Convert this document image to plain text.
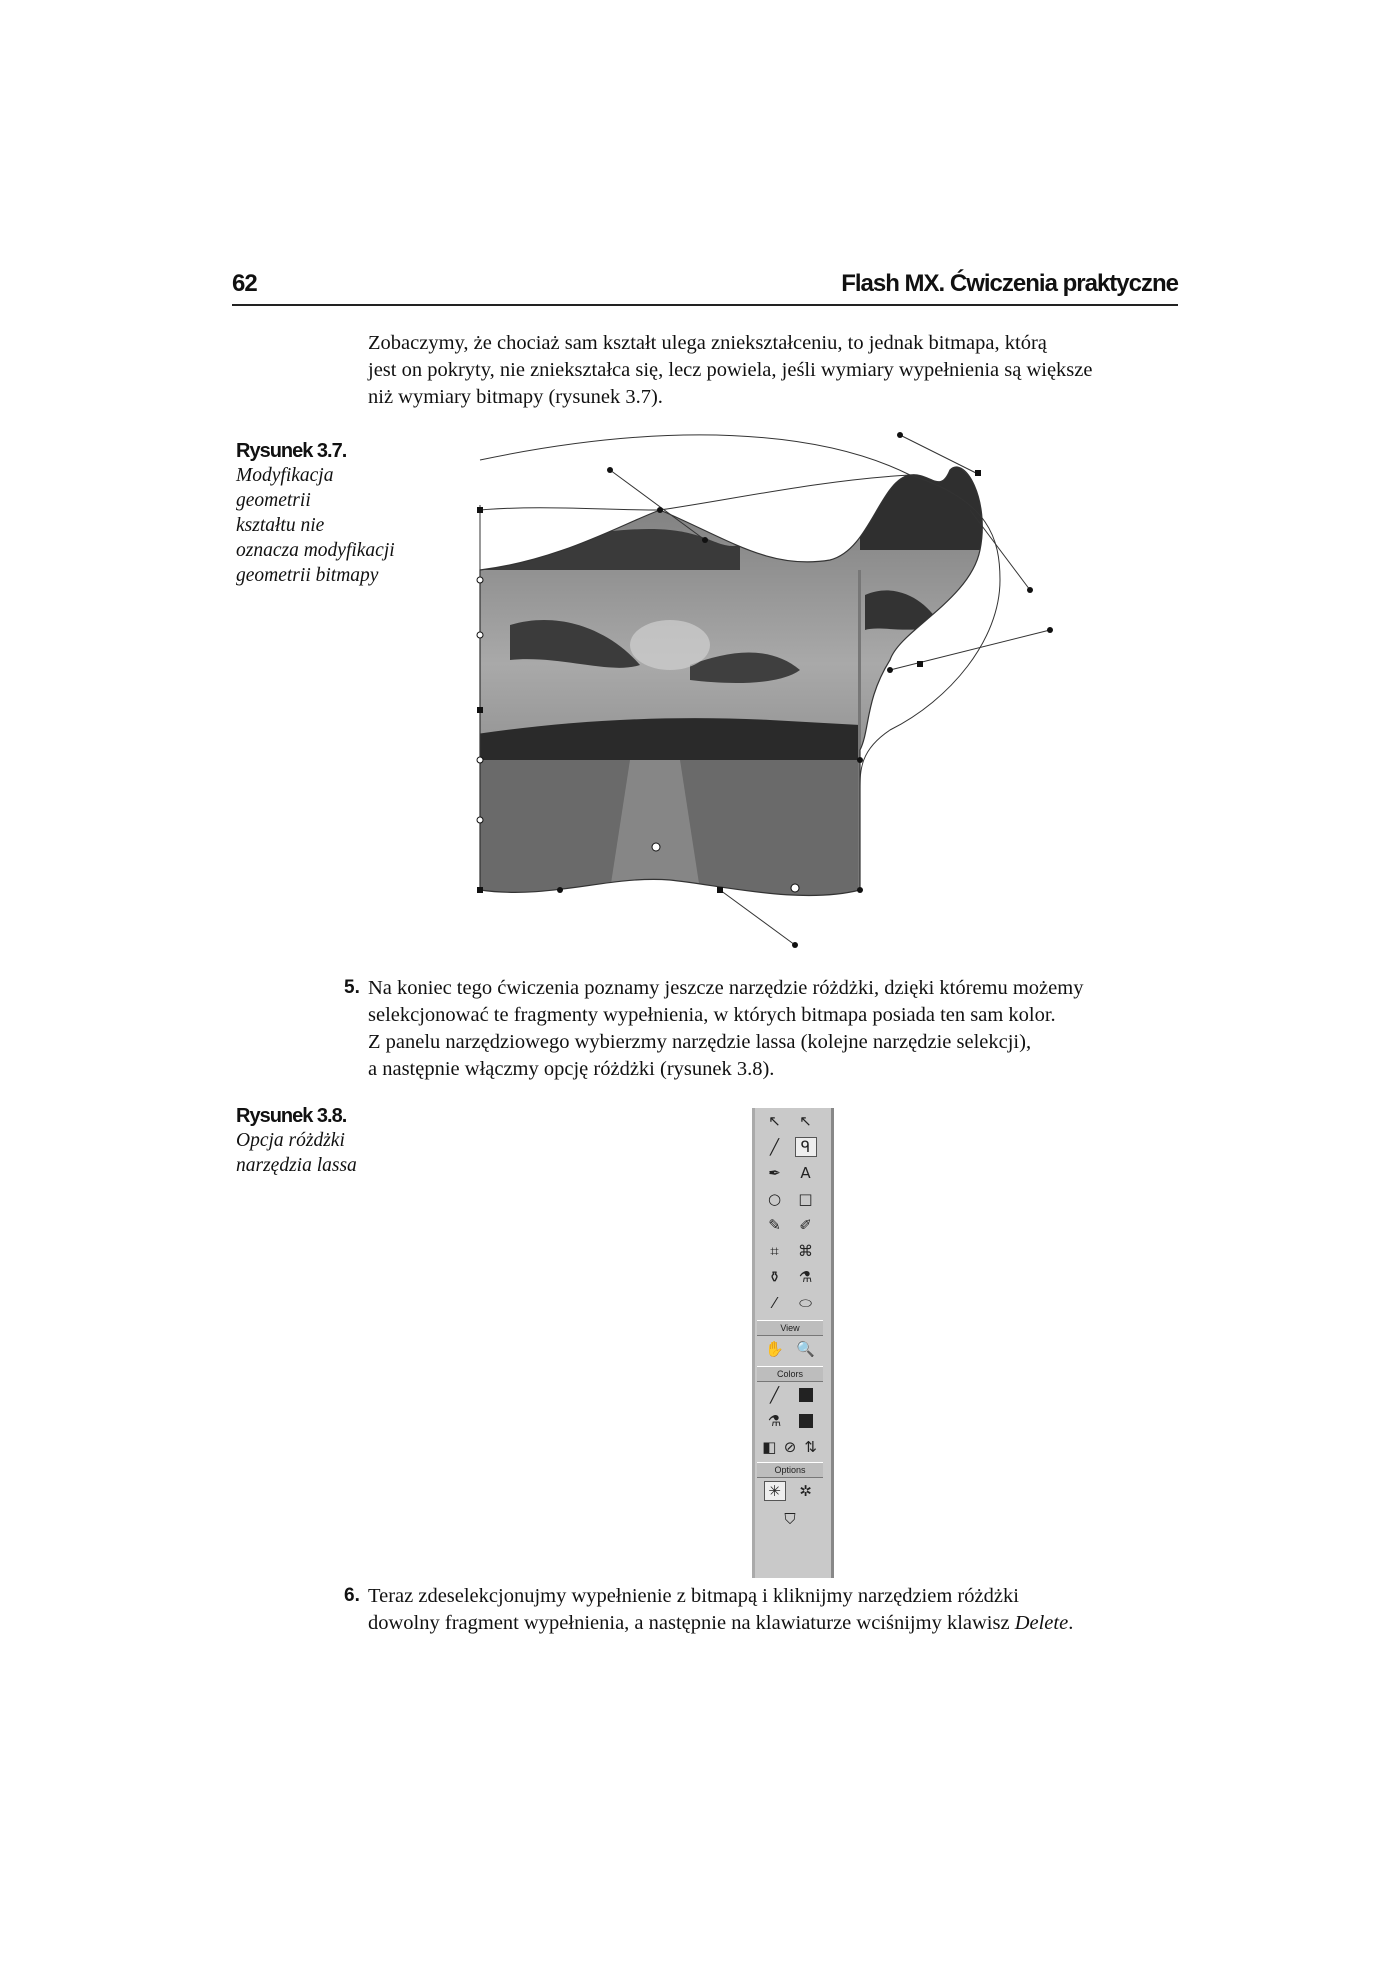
62	Flash MX. Ćwiczenia praktyczne

Zobaczymy, że chociaż sam kształt ulega zniekształceniu, to jednak bitmapa, którą

jest on pokryty, nie zniekształca się, lecz powiela, jeśli wymiary wypełnienia są większe

niż wymiary bitmapy (rysunek 3.7).

Rysunek 3.7.
Modyfikacja
geometrii
kształtu nie
oznacza modyfikacji
geometrii bitmapy
5. Na koniec tego ćwiczenia poznamy jeszcze narzędzie różdżki, dzięki któremu możemy

selekcjonować te fragmenty wypełnienia, w których bitmapa posiada ten sam kolor.

Z panelu narzędziowego wybierzmy narzędzie lassa (kolejne narzędzie selekcji),

a następnie włączmy opcję różdżki (rysunek 3.8).

Rysunek 3.8.
Opcja różdżki
narzędzia lassa
↖	↖
╱	ᑫ
✒	A
○ □
✎	✐
⌗	⌘
⚱	⚗
⁄	⬭
View
✋ 🔍
Colors
╱
⚗
◧ ⊘ ⇅
Options
✳	✲
⛉
6. Teraz zdeselekcjonujmy wypełnienie z bitmapą i kliknijmy narzędziem różdżki

dowolny fragment wypełnienia, a następnie na klawiaturze wciśnijmy klawisz Delete.
